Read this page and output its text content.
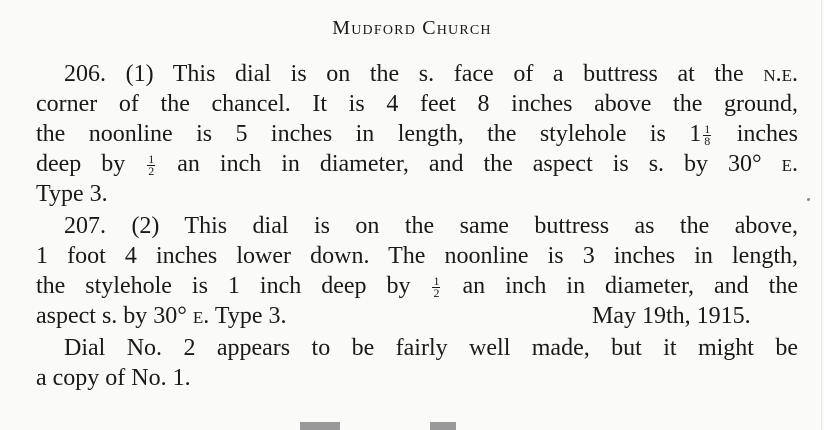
Mudford Church
206. (1) This dial is on the s. face of a buttress at the n.e.
corner of the chancel. It is 4 feet 8 inches above the ground,
the noonline is 5 inches in length, the stylehole is $1 \frac{1}{8}$ inches
deep by $\frac{1}{2}$ an inch in diameter, and the aspect is s. by 30° e.
Type 3.
207. (2) This dial is on the same buttress as the above,
1 foot 4 inches lower down. The noonline is 3 inches in length,
the stylehole is 1 inch deep by $\frac{1}{2}$ an inch in diameter, and the
aspect s. by 30° e. Type 3.	May 19th, 1915.
Dial No. 2 appears to be fairly well made, but it might be
a copy of No. 1.
